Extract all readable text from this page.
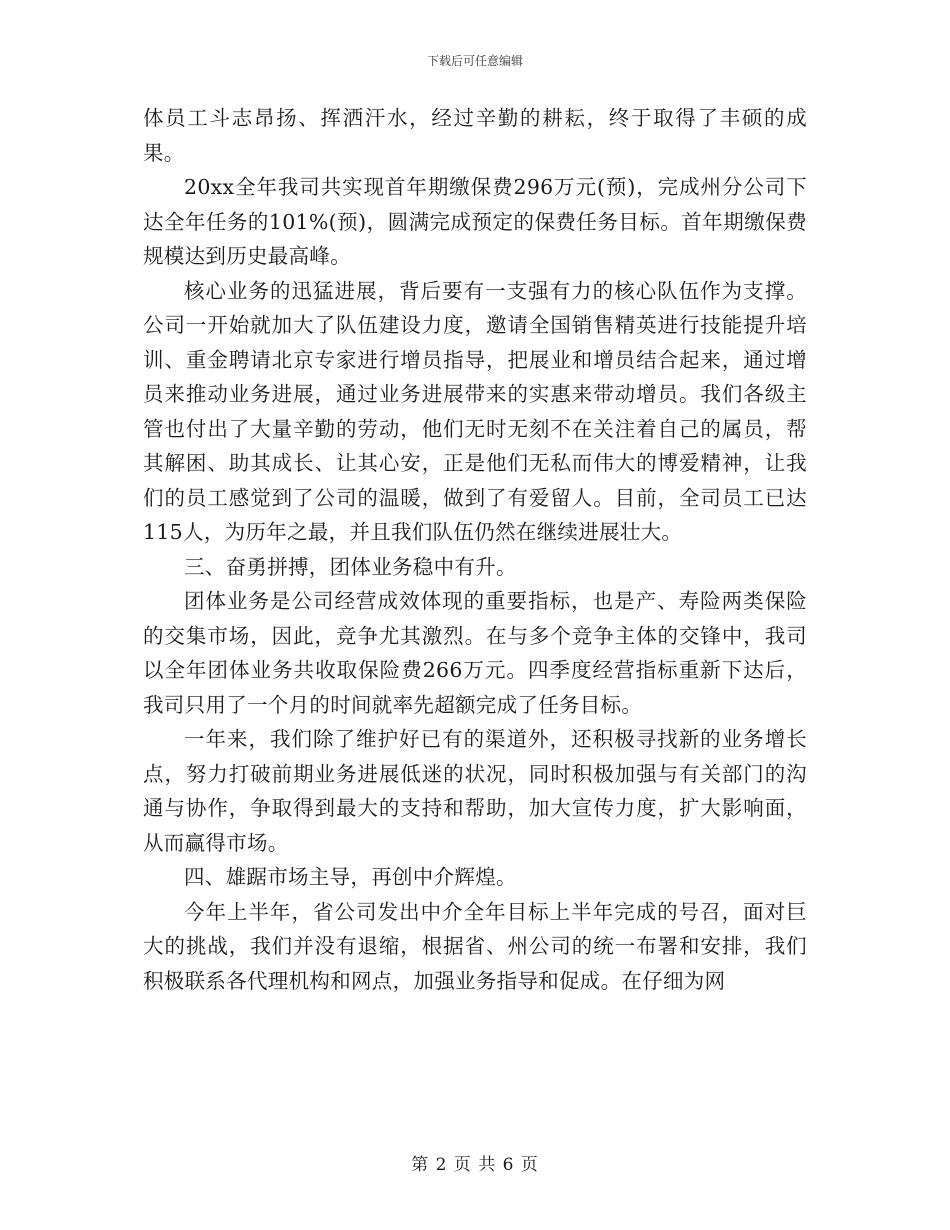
下载后可任意编辑

体员工斗志昂扬、挥洒汗水，经过辛勤的耕耘，终于取得了丰硕的成果。

20xx全年我司共实现首年期缴保费296万元(预)，完成州分公司下达全年任务的101%(预)，圆满完成预定的保费任务目标。首年期缴保费规模达到历史最高峰。

核心业务的迅猛进展，背后要有一支强有力的核心队伍作为支撑。公司一开始就加大了队伍建设力度，邀请全国销售精英进行技能提升培训、重金聘请北京专家进行增员指导，把展业和增员结合起来，通过增员来推动业务进展，通过业务进展带来的实惠来带动增员。我们各级主管也付出了大量辛勤的劳动，他们无时无刻不在关注着自己的属员，帮其解困、助其成长、让其心安，正是他们无私而伟大的博爱精神，让我们的员工感觉到了公司的温暖，做到了有爱留人。目前，全司员工已达115人，为历年之最，并且我们队伍仍然在继续进展壮大。

三、奋勇拼搏，团体业务稳中有升。

团体业务是公司经营成效体现的重要指标，也是产、寿险两类保险的交集市场，因此，竞争尤其激烈。在与多个竞争主体的交锋中，我司以全年团体业务共收取保险费266万元。四季度经营指标重新下达后，我司只用了一个月的时间就率先超额完成了任务目标。

一年来，我们除了维护好已有的渠道外，还积极寻找新的业务增长点，努力打破前期业务进展低迷的状况，同时积极加强与有关部门的沟通与协作，争取得到最大的支持和帮助，加大宣传力度，扩大影响面，从而赢得市场。

四、雄踞市场主导，再创中介辉煌。

今年上半年，省公司发出中介全年目标上半年完成的号召，面对巨大的挑战，我们并没有退缩，根据省、州公司的统一布署和安排，我们积极联系各代理机构和网点，加强业务指导和促成。在仔细为网

第 2 页 共 6 页
